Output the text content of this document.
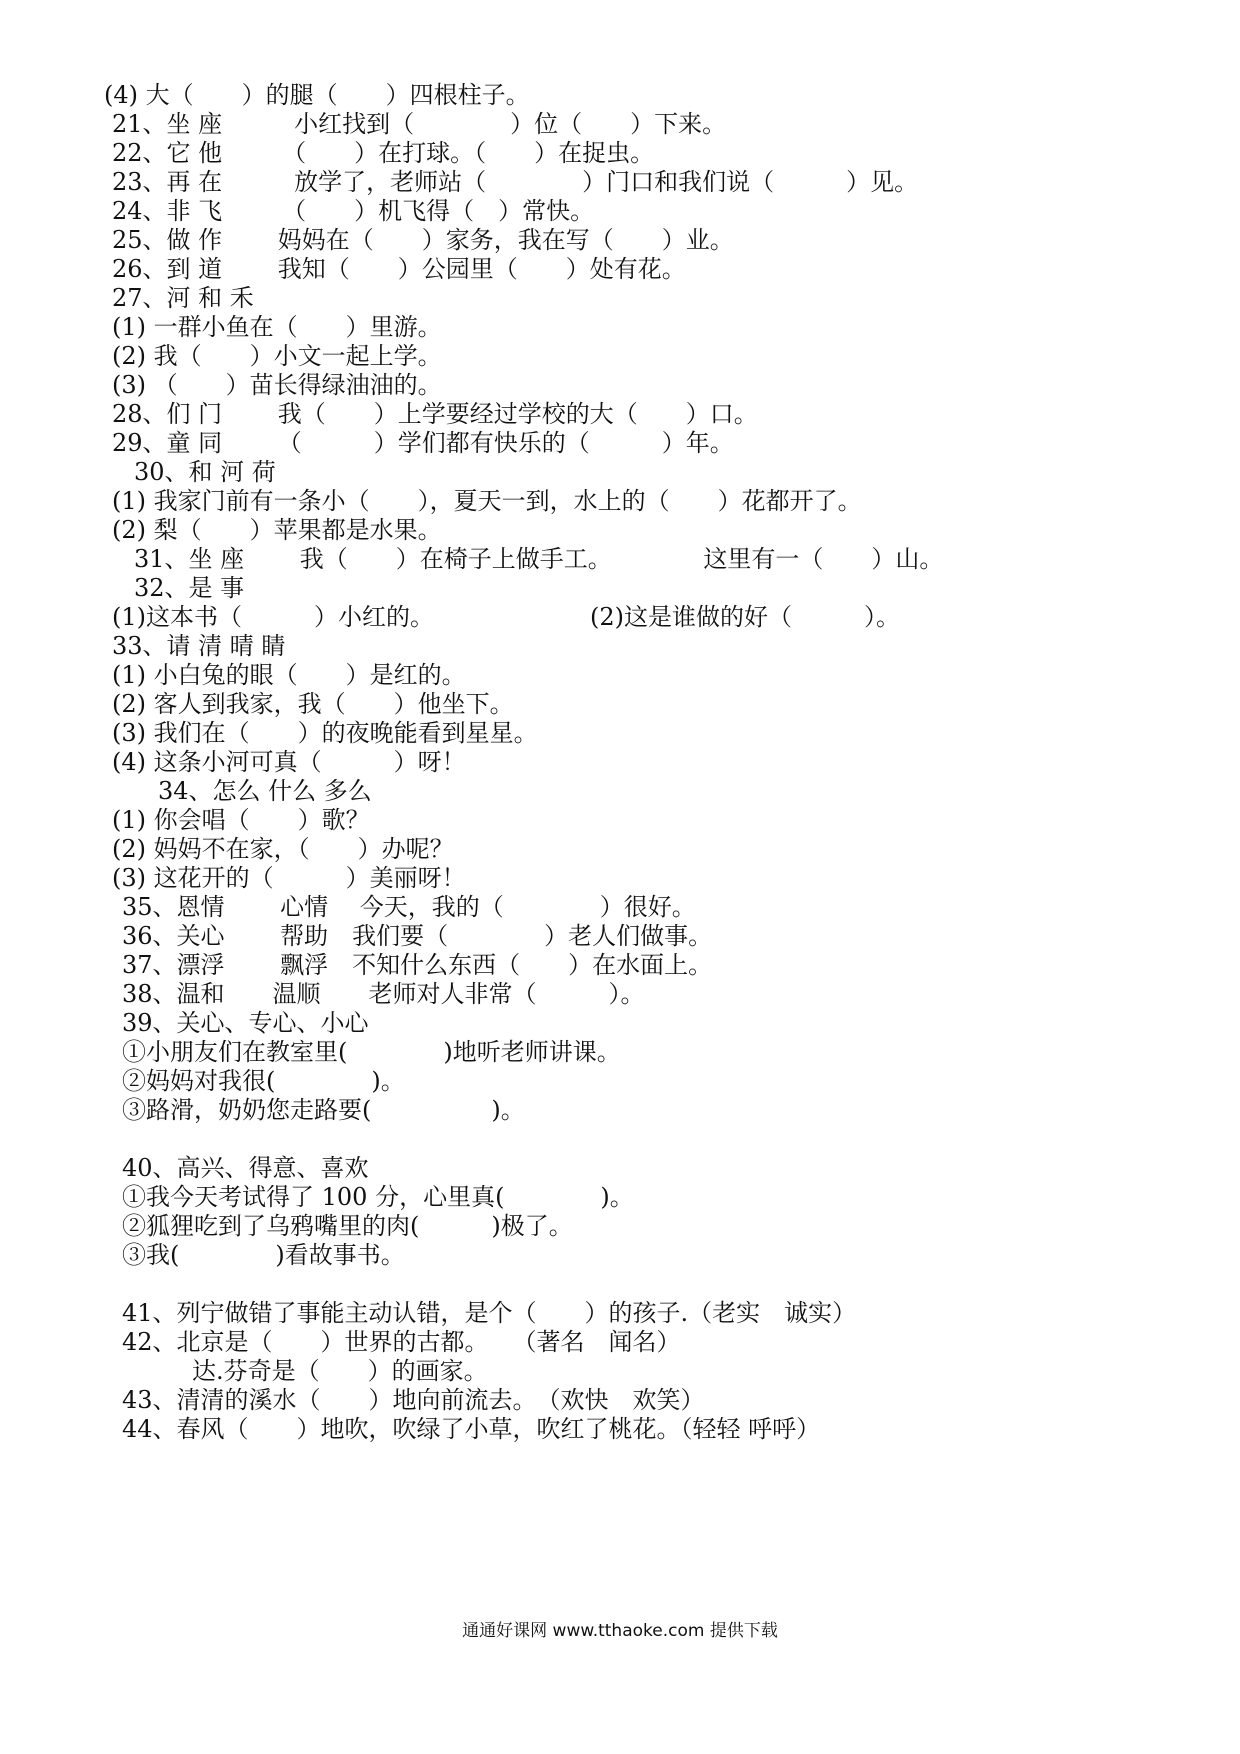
(4) 大（　　）的腿（　　）四根柱子。
21、坐 座　　　小红找到（　　　　）位（　　）下来。
22、它 他　　　（　　）在打球。（　　）在捉虫。
23、再 在　　　放学了，老师站（　　　　）门口和我们说（　　　）见。
24、非 飞　　　（　　）机飞得（　）常快。
25、做 作　　 妈妈在（　　）家务，我在写（　　）业。
26、到 道　　 我知（　　）公园里（　　）处有花。
27、河 和 禾
(1) 一群小鱼在（　　）里游。
(2) 我（　　）小文一起上学。
(3) （　　）苗长得绿油油的。
28、们 门　　 我（　　）上学要经过学校的大（　　）口。
29、童 同　　 （　　　）学们都有快乐的（　　　）年。
30、和 河 荷
(1) 我家门前有一条小（　　），夏天一到，水上的（　　）花都开了。
(2) 梨（　　）苹果都是水果。
31、坐 座　　 我（　　）在椅子上做手工。　　　　 这里有一（　　）山。
32、是 事
(1)这本书（　　　）小红的。　　　　　　　(2)这是谁做的好（　　　）。
33、请 清 晴 睛
(1) 小白兔的眼（　　）是红的。
(2) 客人到我家，我（　　）他坐下。
(3) 我们在（　　）的夜晚能看到星星。
(4) 这条小河可真（　　　）呀！
34、怎么 什么 多么
(1) 你会唱（　　）歌？
(2) 妈妈不在家，（　　）办呢？
(3) 这花开的（　　　）美丽呀！
35、恩情　　 心情　 今天，我的（　　　　）很好。
36、关心　　 帮助　我们要（　　　　）老人们做事。
37、漂浮　　 飘浮　不知什么东西（　　）在水面上。
38、温和　　温顺　　老师对人非常（　　　）。
39、关心、专心、小心
①小朋友们在教室里(　　　　)地听老师讲课。
②妈妈对我很(　　　　)。
③路滑，奶奶您走路要(　　　　　)。
40、高兴、得意、喜欢
①我今天考试得了 100 分，心里真(　　　　)。
②狐狸吃到了乌鸦嘴里的肉(　　　)极了。
③我(　　　　)看故事书。
41、列宁做错了事能主动认错，是个（　　）的孩子.（老实　诚实）
42、北京是（　　）世界的古都。　　（著名　闻名）
达.芬奇是（　　）的画家。
43、清清的溪水（　　）地向前流去。　（欢快　欢笑）
44、春风（　　）地吹，吹绿了小草，吹红了桃花。（轻轻 呼呼）
通通好课网 www.tthaoke.com 提供下载
